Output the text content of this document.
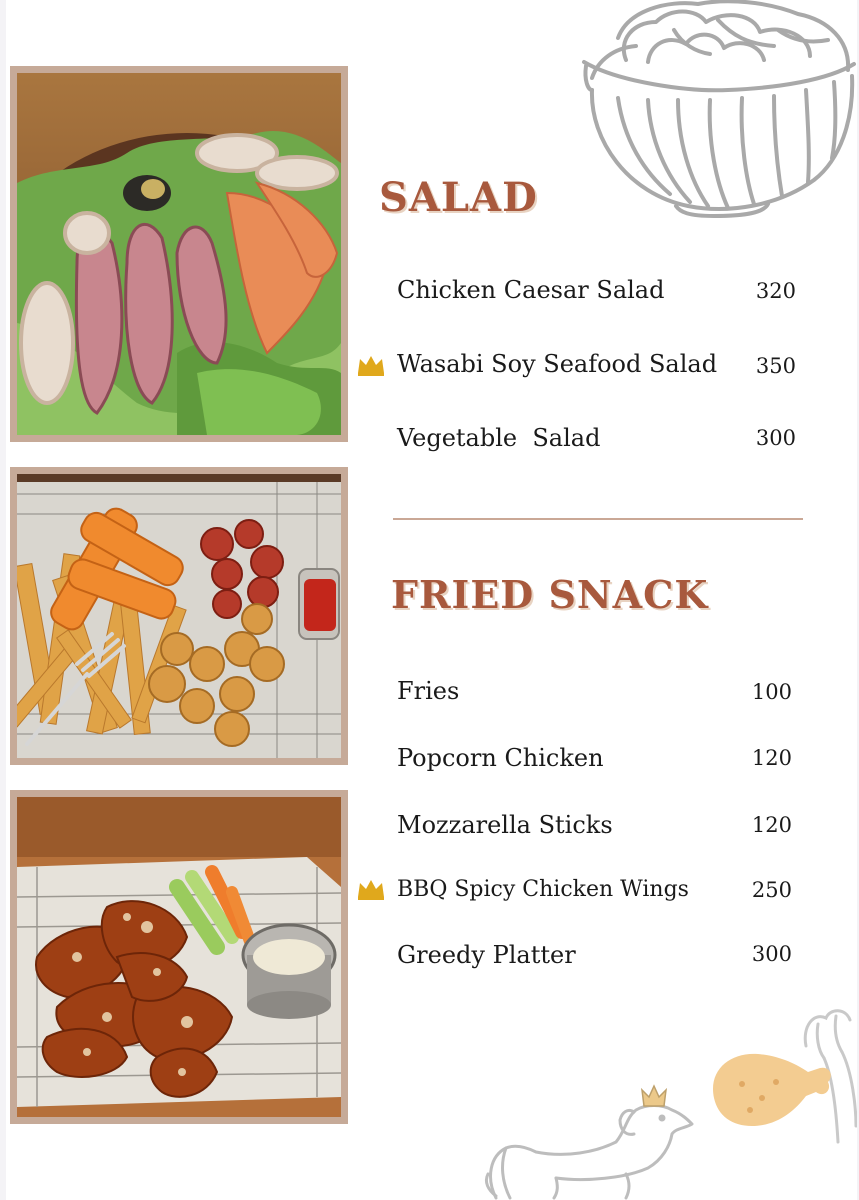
SALAD
Chicken Caesar Salad	320
Wasabi Soy Seafood Salad	350
Vegetable  Salad	300
FRIED SNACK
Fries	100
Popcorn Chicken	120
Mozzarella Sticks	120
BBQ Spicy Chicken Wings	250
Greedy Platter	300
